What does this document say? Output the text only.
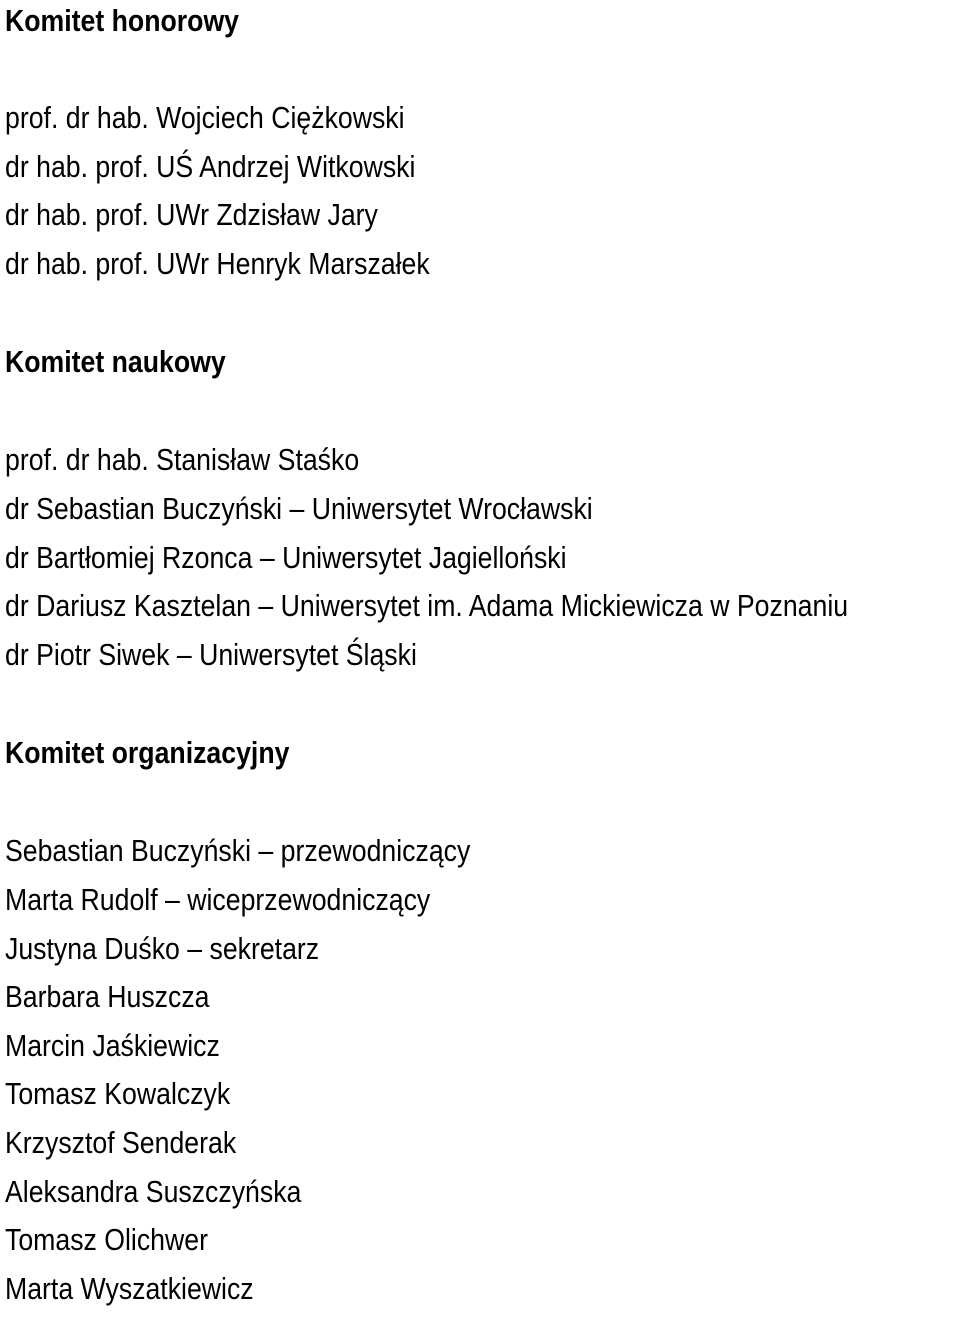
Komitet honorowy
prof. dr hab. Wojciech Ciężkowski
dr hab. prof. UŚ Andrzej Witkowski
dr hab. prof. UWr Zdzisław Jary
dr hab. prof. UWr Henryk Marszałek
Komitet naukowy
prof. dr hab. Stanisław Staśko
dr Sebastian Buczyński – Uniwersytet Wrocławski
dr Bartłomiej Rzonca – Uniwersytet Jagielloński
dr Dariusz Kasztelan – Uniwersytet im. Adama Mickiewicza w Poznaniu
dr Piotr Siwek – Uniwersytet Śląski
Komitet organizacyjny
Sebastian Buczyński – przewodniczący
Marta Rudolf – wiceprzewodniczący
Justyna Duśko – sekretarz
Barbara Huszcza
Marcin Jaśkiewicz
Tomasz Kowalczyk
Krzysztof Senderak
Aleksandra Suszczyńska
Tomasz Olichwer
Marta Wyszatkiewicz
